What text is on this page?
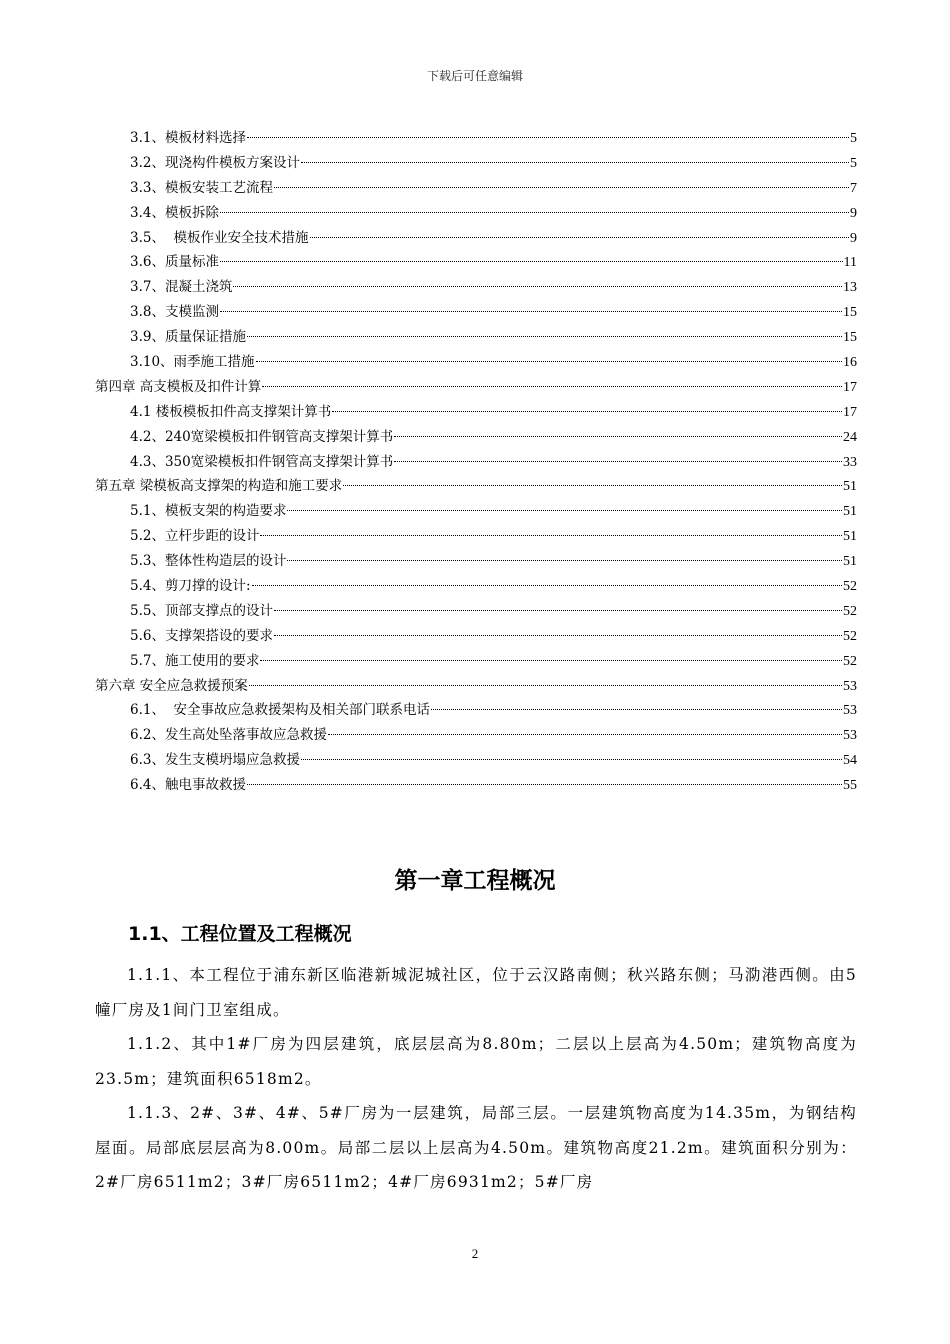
下载后可任意编辑
3.1、模板材料选择	5
3.2、现浇构件模板方案设计	5
3.3、模板安装工艺流程	7
3.4、模板拆除	9
3.5、  模板作业安全技术措施	9
3.6、质量标准	11
3.7、混凝土浇筑	13
3.8、支模监测	15
3.9、质量保证措施	15
3.10、雨季施工措施	16
第四章 高支模板及扣件计算	17
4.1 楼板模板扣件高支撑架计算书	17
4.2、240宽梁模板扣件钢管高支撑架计算书	24
4.3、350宽梁模板扣件钢管高支撑架计算书	33
第五章 梁模板高支撑架的构造和施工要求	51
5.1、模板支架的构造要求	51
5.2、立杆步距的设计	51
5.3、整体性构造层的设计	51
5.4、剪刀撑的设计:	52
5.5、顶部支撑点的设计	52
5.6、支撑架搭设的要求	52
5.7、施工使用的要求	52
第六章 安全应急救援预案	53
6.1、  安全事故应急救援架构及相关部门联系电话	53
6.2、发生高处坠落事故应急救援	53
6.3、发生支模坍塌应急救援	54
6.4、触电事故救援	55
第一章工程概况
1.1、工程位置及工程概况

1.1.1、本工程位于浦东新区临港新城泥城社区，位于云汉路南侧；秋兴路东侧；马泐港西侧。由5幢厂房及1间门卫室组成。

1.1.2、其中1#厂房为四层建筑，底层层高为8.80m；二层以上层高为4.50m；建筑物高度为23.5m；建筑面积6518m2。

1.1.3、2#、3#、4#、5#厂房为一层建筑，局部三层。一层建筑物高度为14.35m，为钢结构屋面。局部底层层高为8.00m。局部二层以上层高为4.50m。建筑物高度21.2m。建筑面积分别为：2#厂房6511m2；3#厂房6511m2；4#厂房6931m2；5#厂房

2
